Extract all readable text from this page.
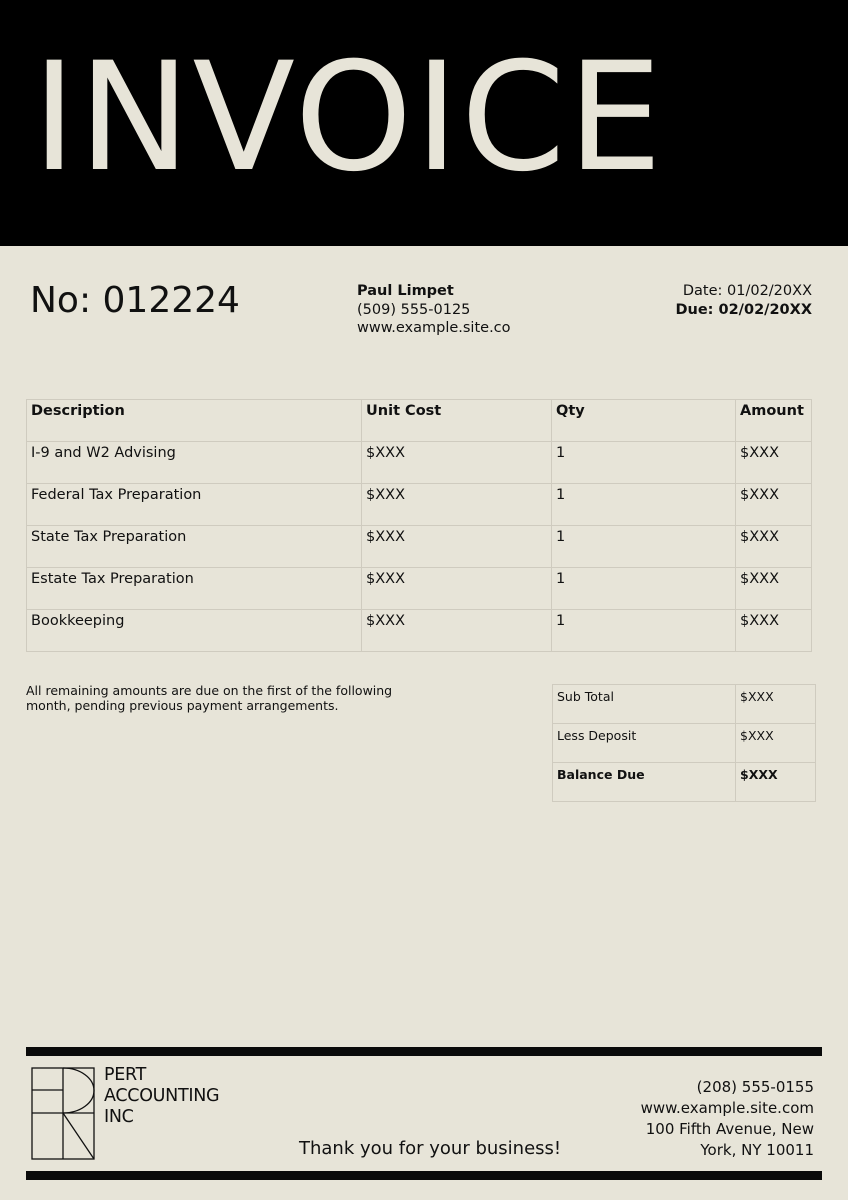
INVOICE
No: 012224	Paul Limpet
(509) 555-0125
www.example.site.co
Date: 01/02/20XX
Due: 02/02/20XX
Description	Unit Cost	Qty	Amount
I-9 and W2 Advising	$XXX	1	$XXX
Federal Tax Preparation	$XXX	1	$XXX
State Tax Preparation	$XXX	1	$XXX
Estate Tax Preparation	$XXX	1	$XXX
Bookkeeping	$XXX	1	$XXX
All remaining amounts are due on the first of the following month, pending previous payment arrangements.
Sub Total	$XXX
Less Deposit	$XXX
Balance Due	$XXX
PERT
ACCOUNTING
INC
Thank you for your business!
(208) 555-0155
www.example.site.com
100 Fifth Avenue, New
York, NY 10011
